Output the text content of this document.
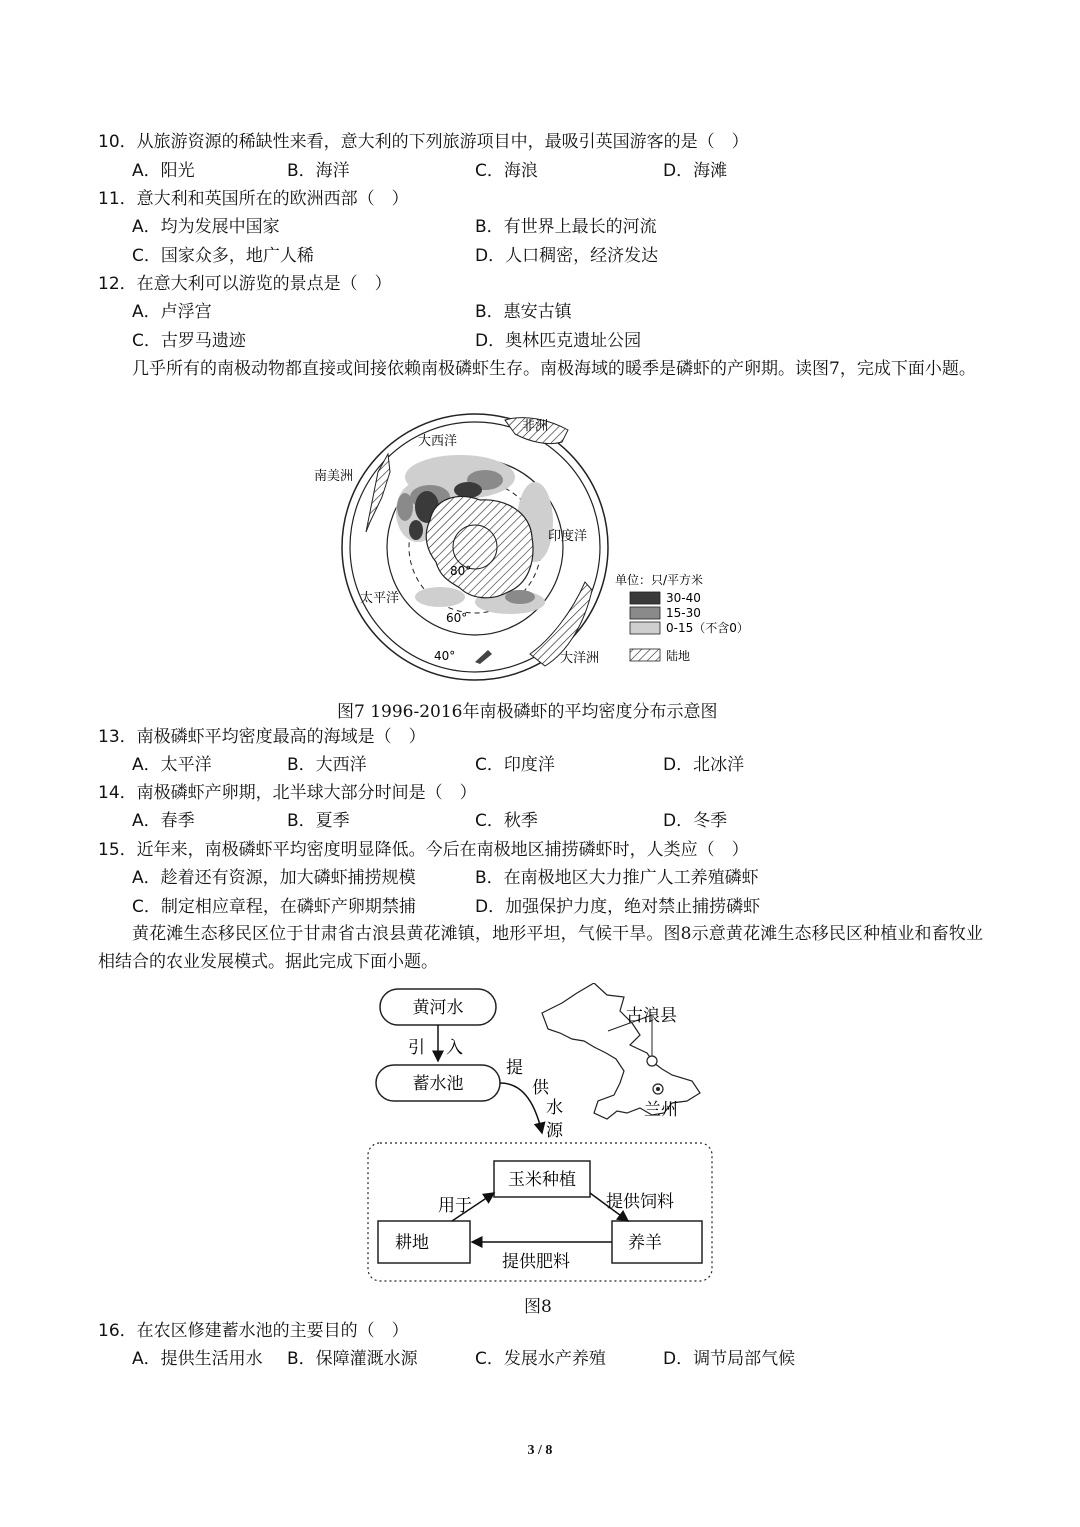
10．从旅游资源的稀缺性来看，意大利的下列旅游项目中，最吸引英国游客的是（　）
A．阳光	B．海洋	C．海浪	D．海滩
11．意大利和英国所在的欧洲西部（　）
A．均为发展中国家	B．有世界上最长的河流
C．国家众多，地广人稀	D．人口稠密，经济发达
12．在意大利可以游览的景点是（　）
A．卢浮宫	B．惠安古镇
C．古罗马遗迹	D．奥林匹克遗址公园
几乎所有的南极动物都直接或间接依赖南极磷虾生存。南极海域的暖季是磷虾的产卵期。读图7，完成下面小题。
非洲
大西洋
南美洲
印度洋
80°
太平洋
60°
40°	大洋洲
单位：只/平方米
30-40
15-30
0-15（不含0）
陆地
图7 1996-2016年南极磷虾的平均密度分布示意图
13．南极磷虾平均密度最高的海域是（　）
A．太平洋	B．大西洋	C．印度洋	D．北冰洋
14．南极磷虾产卵期，北半球大部分时间是（　）
A．春季	B．夏季	C．秋季	D．冬季
15．近年来，南极磷虾平均密度明显降低。今后在南极地区捕捞磷虾时，人类应（　）
A．趁着还有资源，加大磷虾捕捞规模	B．在南极地区大力推广人工养殖磷虾
C．制定相应章程，在磷虾产卵期禁捕	D．加强保护力度，绝对禁止捕捞磷虾
黄花滩生态移民区位于甘肃省古浪县黄花滩镇，地形平坦，气候干旱。图8示意黄花滩生态移民区种植业和畜牧业相结合的农业发展模式。据此完成下面小题。
黄河水
引 入
蓄水池
提
供
水
源
古浪县
兰州
玉米种植
耕地	养羊
用于	提供饲料
提供肥料
图8
16．在农区修建蓄水池的主要目的（　）
A．提供生活用水 B．保障灌溉水源	C．发展水产养殖	D．调节局部气候
3 / 8
